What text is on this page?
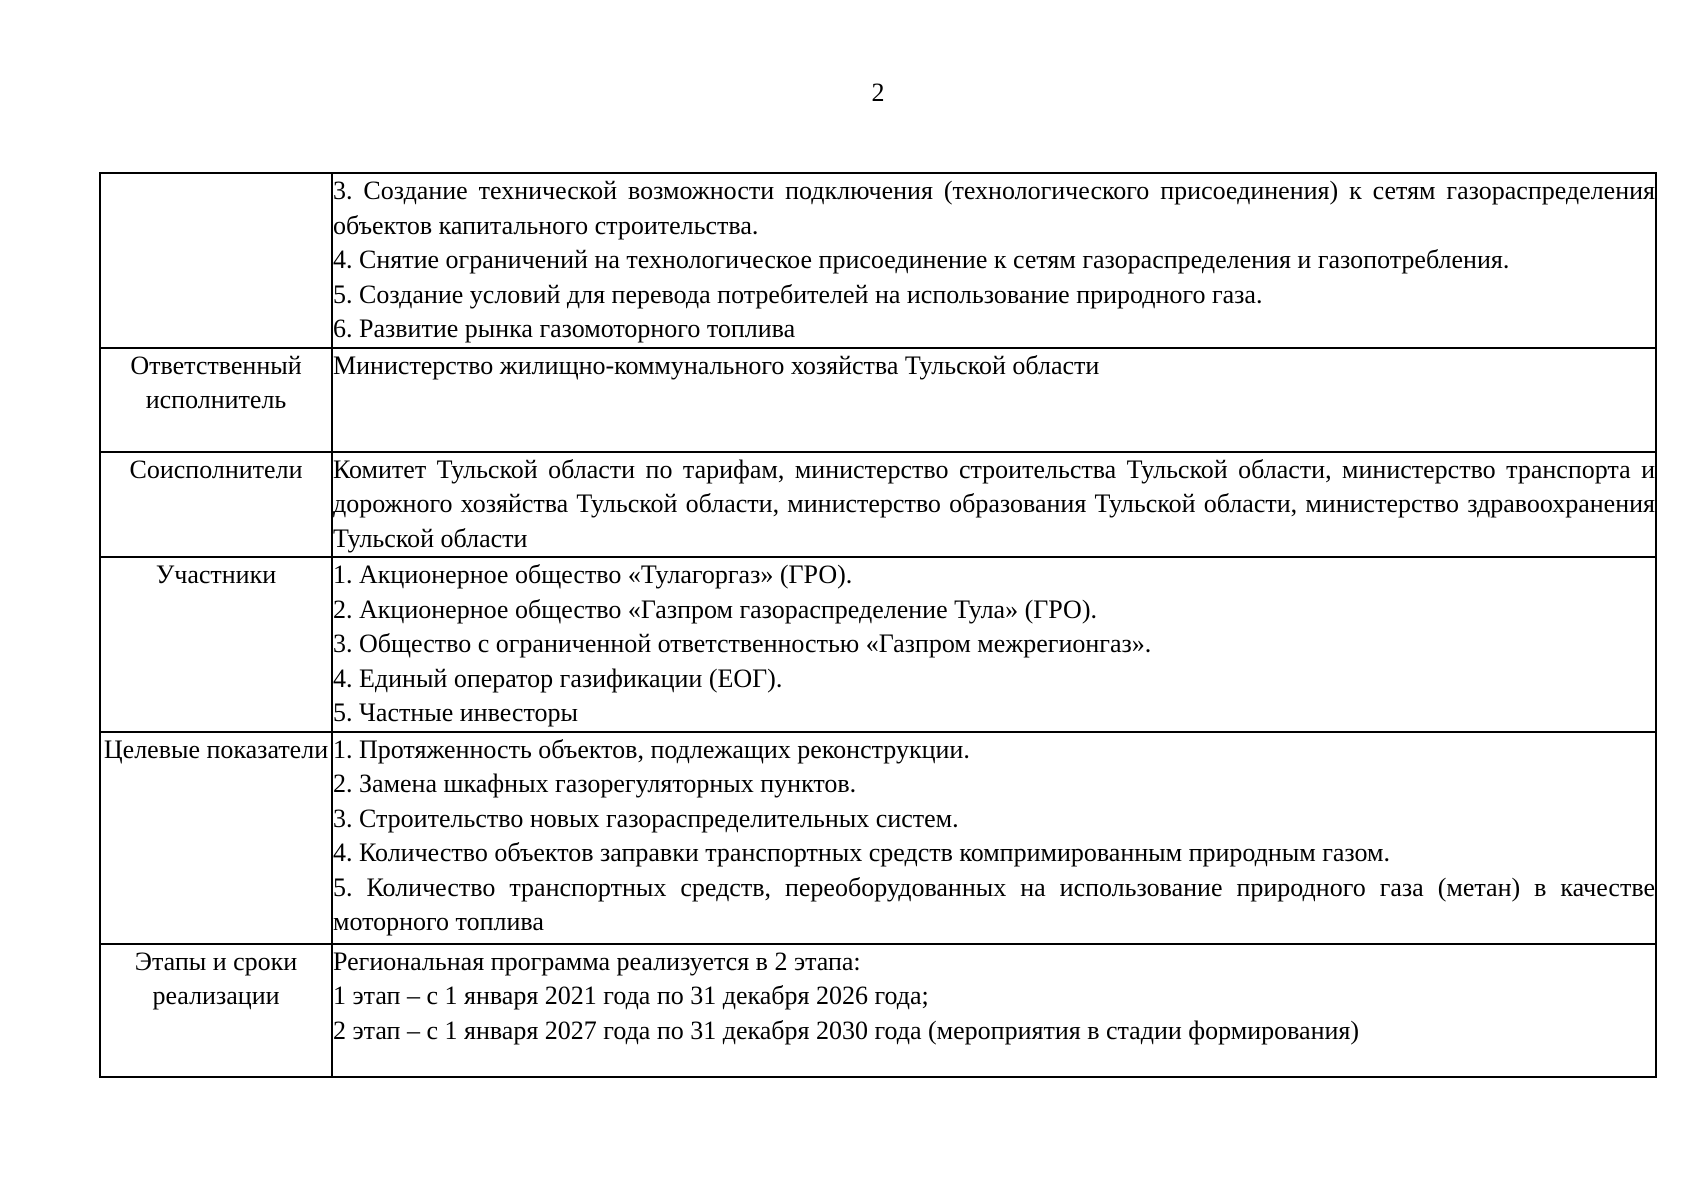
2

	3. Создание технической возможности подключения (технологического присоединения) к сетям газораспределения объектов капитального строительства.

4. Снятие ограничений на технологическое присоединение к сетям газораспределения и газопотребления.

5. Создание условий для перевода потребителей на использование природного газа.

6. Развитие рынка газомоторного топлива

Ответственный исполнитель	Министерство жилищно-коммунального хозяйства Тульской области

Соисполнители	Комитет Тульской области по тарифам, министерство строительства Тульской области, министерство транспорта и дорожного хозяйства Тульской области, министерство образования Тульской области, министерство здравоохранения Тульской области

Участники	1. Акционерное общество «Тулагоргаз» (ГРО).

2. Акционерное общество «Газпром газораспределение Тула» (ГРО).

3. Общество с ограниченной ответственностью «Газпром межрегионгаз».

4. Единый оператор газификации (ЕОГ).

5. Частные инвесторы

Целевые показатели	1. Протяженность объектов, подлежащих реконструкции.

2. Замена шкафных газорегуляторных пунктов.

3. Строительство новых газораспределительных систем.

4. Количество объектов заправки транспортных средств компримированным природным газом.

5. Количество транспортных средств, переоборудованных на использование природного газа (метан) в качестве моторного топлива

Этапы и сроки реализации	Региональная программа реализуется в 2 этапа:

1 этап – с 1 января 2021 года по 31 декабря 2026 года;

2 этап – с 1 января 2027 года по 31 декабря 2030 года (мероприятия в стадии формирования)
